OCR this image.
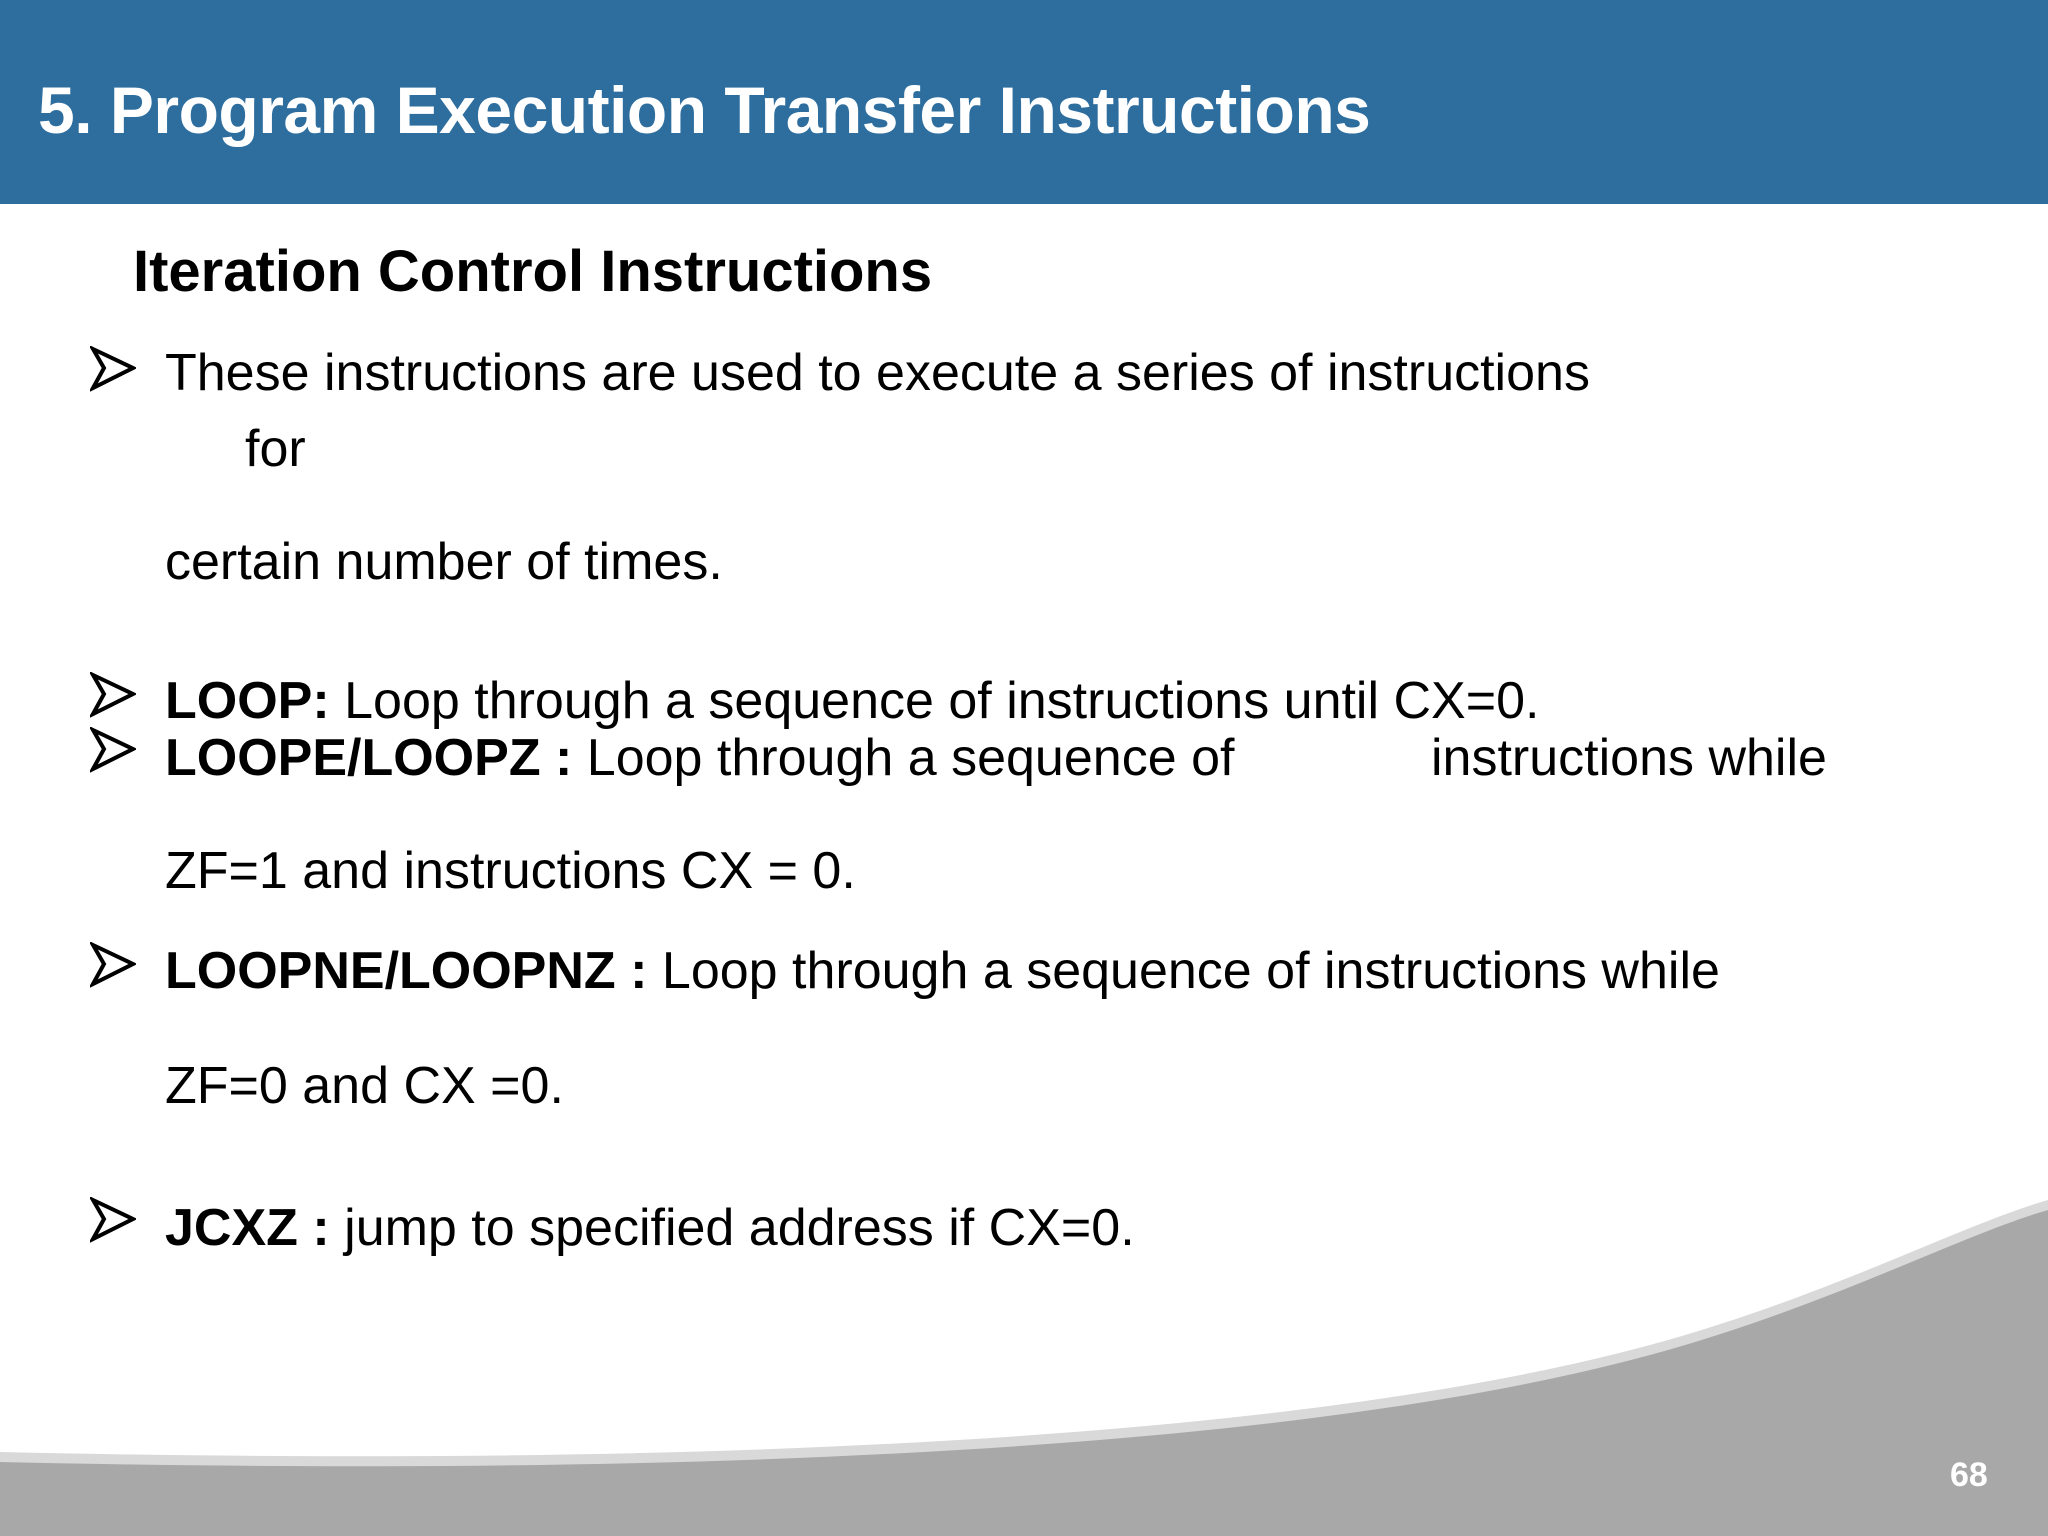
5. Program Execution Transfer Instructions
Iteration Control Instructions
These instructions are used to execute a series of instructions
for
certain number of times.
LOOP: Loop through a sequence of instructions until CX=0.
LOOPE/LOOPZ : Loop through a sequence of	instructions while
ZF=1 and instructions CX = 0.
LOOPNE/LOOPNZ : Loop through a sequence of instructions while
ZF=0 and CX =0.
JCXZ : jump to specified address if CX=0.
68
